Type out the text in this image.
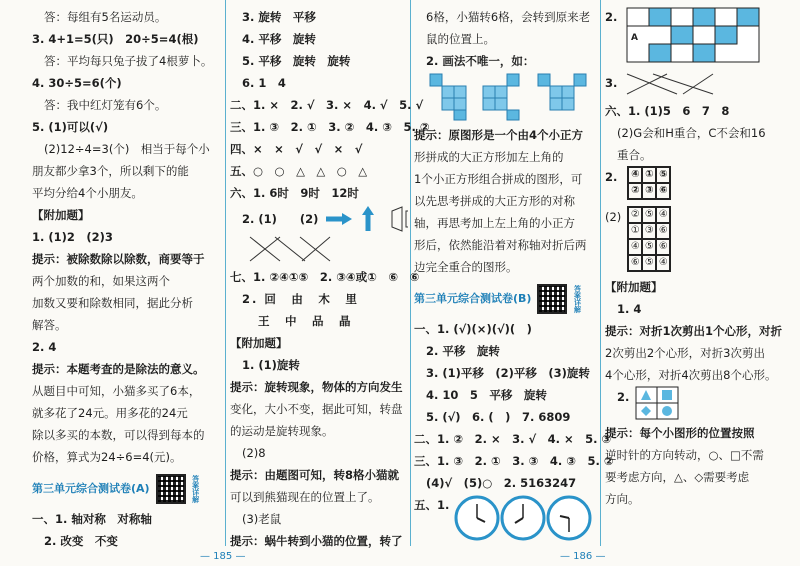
答：每组有5名运动员。
3. 4+1=5(只)　20÷5=4(根)
答：平均每只兔子拔了4根萝卜。
4. 30÷5=6(个)
答：我中红灯笼有6个。
5. (1)可以(√)
(2)12÷4=3(个)　相当于每个小
朋友都少拿3个，所以剩下的能
平均分给4个小朋友。
【附加题】
1. (1)2　(2)3
提示：被除数除以除数，商要等于
两个加数的和，如果这两个
加数又要和除数相同，据此分析
解答。
2. 4
提示：本题考查的是除法的意义。
从题目中可知，小猫多买了6本，
就多花了24元。用多花的24元
除以多买的本数，可以得到每本的
价格，算式为24÷6=4(元)。
第三单元综合测试卷(A)	答案详解
一、1. 轴对称　对称轴
2. 改变　不变
3. 旋转　平移
4. 平移　旋转
5. 平移　旋转　旋转
6. 1　4
二、1. ×　2. √　3. ×　4. √　5. √
三、1. ③　2. ①　3. ②　4. ③　5. ②
四、×　×　√　√　×　√
五、○　○　△　△　○　△
六、1. 6时　9时　12时
2. (1)　　(2)
七、1. ②④①⑤　2. ③④或①　⑥　⑥
2. 回　由　木　里
王　中　品　晶
【附加题】
1. (1)旋转
提示：旋转现象，物体的方向发生
变化，大小不变，据此可知，转盘
的运动是旋转现象。
(2)8
提示：由题图可知，转8格小猫就
可以到熊猫现在的位置上了。
(3)老鼠
提示：蜗牛转到小猫的位置，转了
6格，小猫转6格，会转到原来老
鼠的位置上。
2. 画法不唯一，如：
提示：原图形是一个由4个小正方
形拼成的大正方形加左上角的
1个小正方形组合拼成的图形，可
以先思考拼成的大正方形的对称
轴，再思考加上左上角的小正方
形后，依然能沿着对称轴对折后两
边完全重合的图形。
第三单元综合测试卷(B)	答案详解
一、1. (√)(×)(√)(　)
2. 平移　旋转
3. (1)平移　(2)平移　(3)旋转
4. 10　5　平移　旋转
5. (√)　6. (　)　7. 6809
二、1. ②　2. ×　3. √　4. ×　5. ③
三、1. ③　2. ①　3. ③　4. ③　5. ②
(4)√　(5)○　2. 5163247
五、1.
2.
A
3.
六、1. (1)5　6　7　8
(2)G会和H重合，C不会和16
重合。
2. ④ ① ⑤
② ③ ⑥
(2) ② ⑤ ④
① ③ ⑥
④ ⑤ ⑥
⑥ ⑤ ④
【附加题】
1. 4
提示：对折1次剪出1个心形，对折
2次剪出2个心形，对折3次剪出
4个心形，对折4次剪出8个心形。
2.
提示：每个小图形的位置按照
逆时针的方向转动，○、□不需
要考虑方向，△、◇需要考虑
方向。
— 185 —	— 186 —
